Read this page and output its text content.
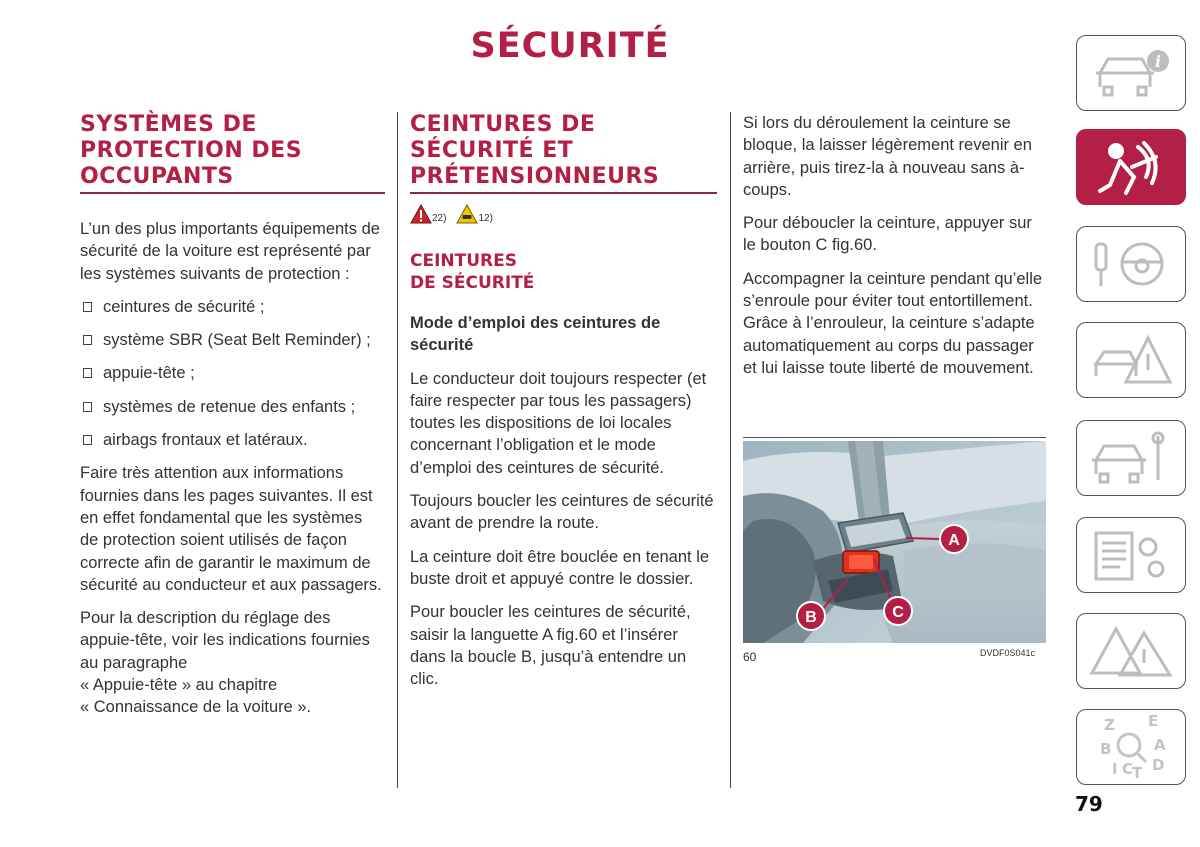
SÉCURITÉ
SYSTÈMES DE PROTECTION DES OCCUPANTS

L’un des plus importants équipements de sécurité de la voiture est représenté par les systèmes suivants de protection :

ceintures de sécurité ;
système SBR (Seat Belt Reminder) ;
appuie-tête ;
systèmes de retenue des enfants ;
airbags frontaux et latéraux.

Faire très attention aux informations fournies dans les pages suivantes. Il est en effet fondamental que les systèmes de protection soient utilisés de façon correcte afin de garantir le maximum de sécurité au conducteur et aux passagers.

Pour la description du réglage des appuie-tête, voir les indications fournies au paragraphe
« Appuie-tête » au chapitre
« Connaissance de la voiture ».

CEINTURES DE SÉCURITÉ ET PRÉTENSIONNEURS
22)	12)
CEINTURES
DE SÉCURITÉ

Mode d’emploi des ceintures de sécurité

Le conducteur doit toujours respecter (et faire respecter par tous les passagers) toutes les dispositions de loi locales concernant l’obligation et le mode d’emploi des ceintures de sécurité.

Toujours boucler les ceintures de sécurité avant de prendre la route.

La ceinture doit être bouclée en tenant le buste droit et appuyé contre le dossier.

Pour boucler les ceintures de sécurité, saisir la languette A fig.60 et l’insérer dans la boucle B, jusqu’à entendre un clic.

Si lors du déroulement la ceinture se bloque, la laisser légèrement revenir en arrière, puis tirez-la à nouveau sans à-coups.

Pour déboucler la ceinture, appuyer sur le bouton C fig.60.

Accompagner la ceinture pendant qu’elle s’enroule pour éviter tout entortillement. Grâce à l’enrouleur, la ceinture s’adapte automatiquement au corps du passager et lui laisse toute liberté de mouvement.

A
C
B
60	DVDF0S041c
i
Z E
B	A
I C
T D
79
